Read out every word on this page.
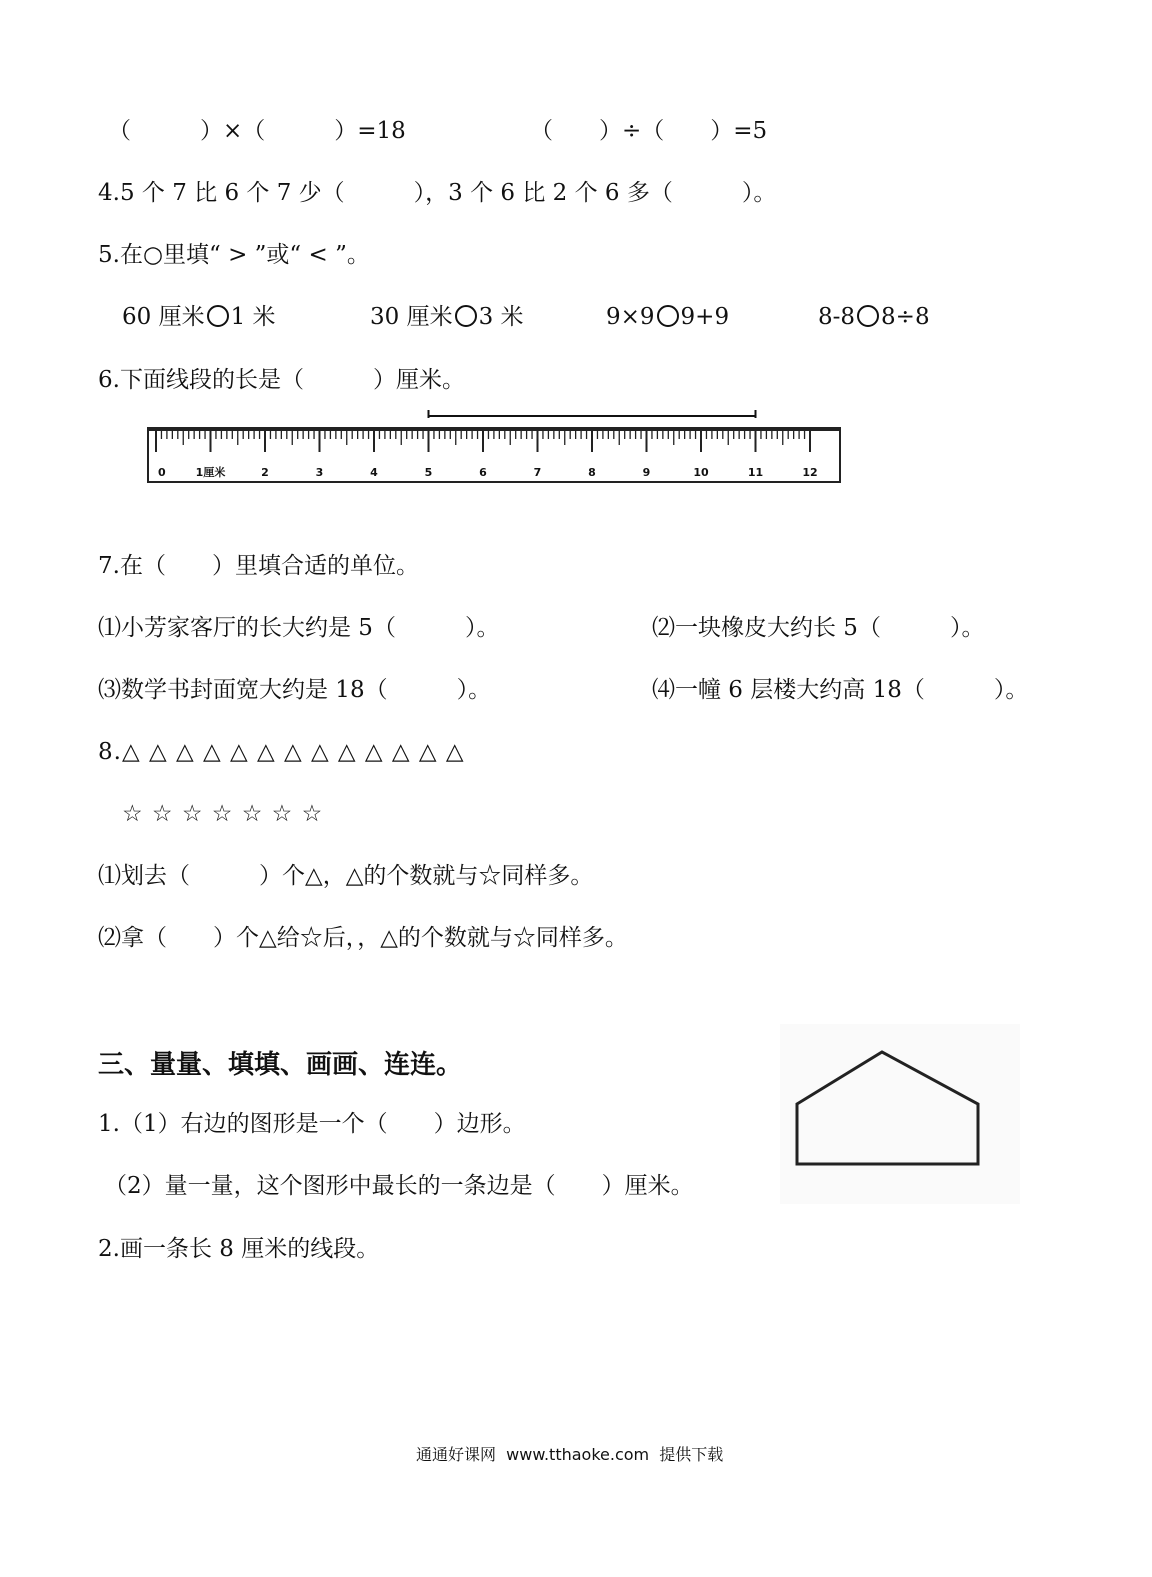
（　　　）×（　　　）=18	（　　）÷（　　）=5
4.5 个 7 比 6 个 7 少（　　　），3 个 6 比 2 个 6 多（　　　）。
5.在○里填“ > ”或“ < ”。
60 厘米 1 米	30 厘米 3 米	9×9 9+9	8-8 8÷8
6.下面线段的长是（　　　）厘米。
0	1厘米	2	3	4	5	6	7	8	9	10	11	12
7.在（　　）里填合适的单位。
⑴小芳家客厅的长大约是 5（　　　）。	⑵一块橡皮大约长 5（　　　）。
⑶数学书封面宽大约是 18（　　　）。	⑷一幢 6 层楼大约高 18（　　　）。
8.△ △ △ △ △ △ △ △ △ △ △ △ △
☆ ☆ ☆ ☆ ☆ ☆ ☆
⑴划去（　　　）个△，△的个数就与☆同样多。
⑵拿（　　）个△给☆后，，△的个数就与☆同样多。
三、量量、填填、画画、连连。
1.（1）右边的图形是一个（　　）边形。
（2）量一量，这个图形中最长的一条边是（　　）厘米。
2.画一条长 8 厘米的线段。
通通好课网  www.tthaoke.com  提供下载
